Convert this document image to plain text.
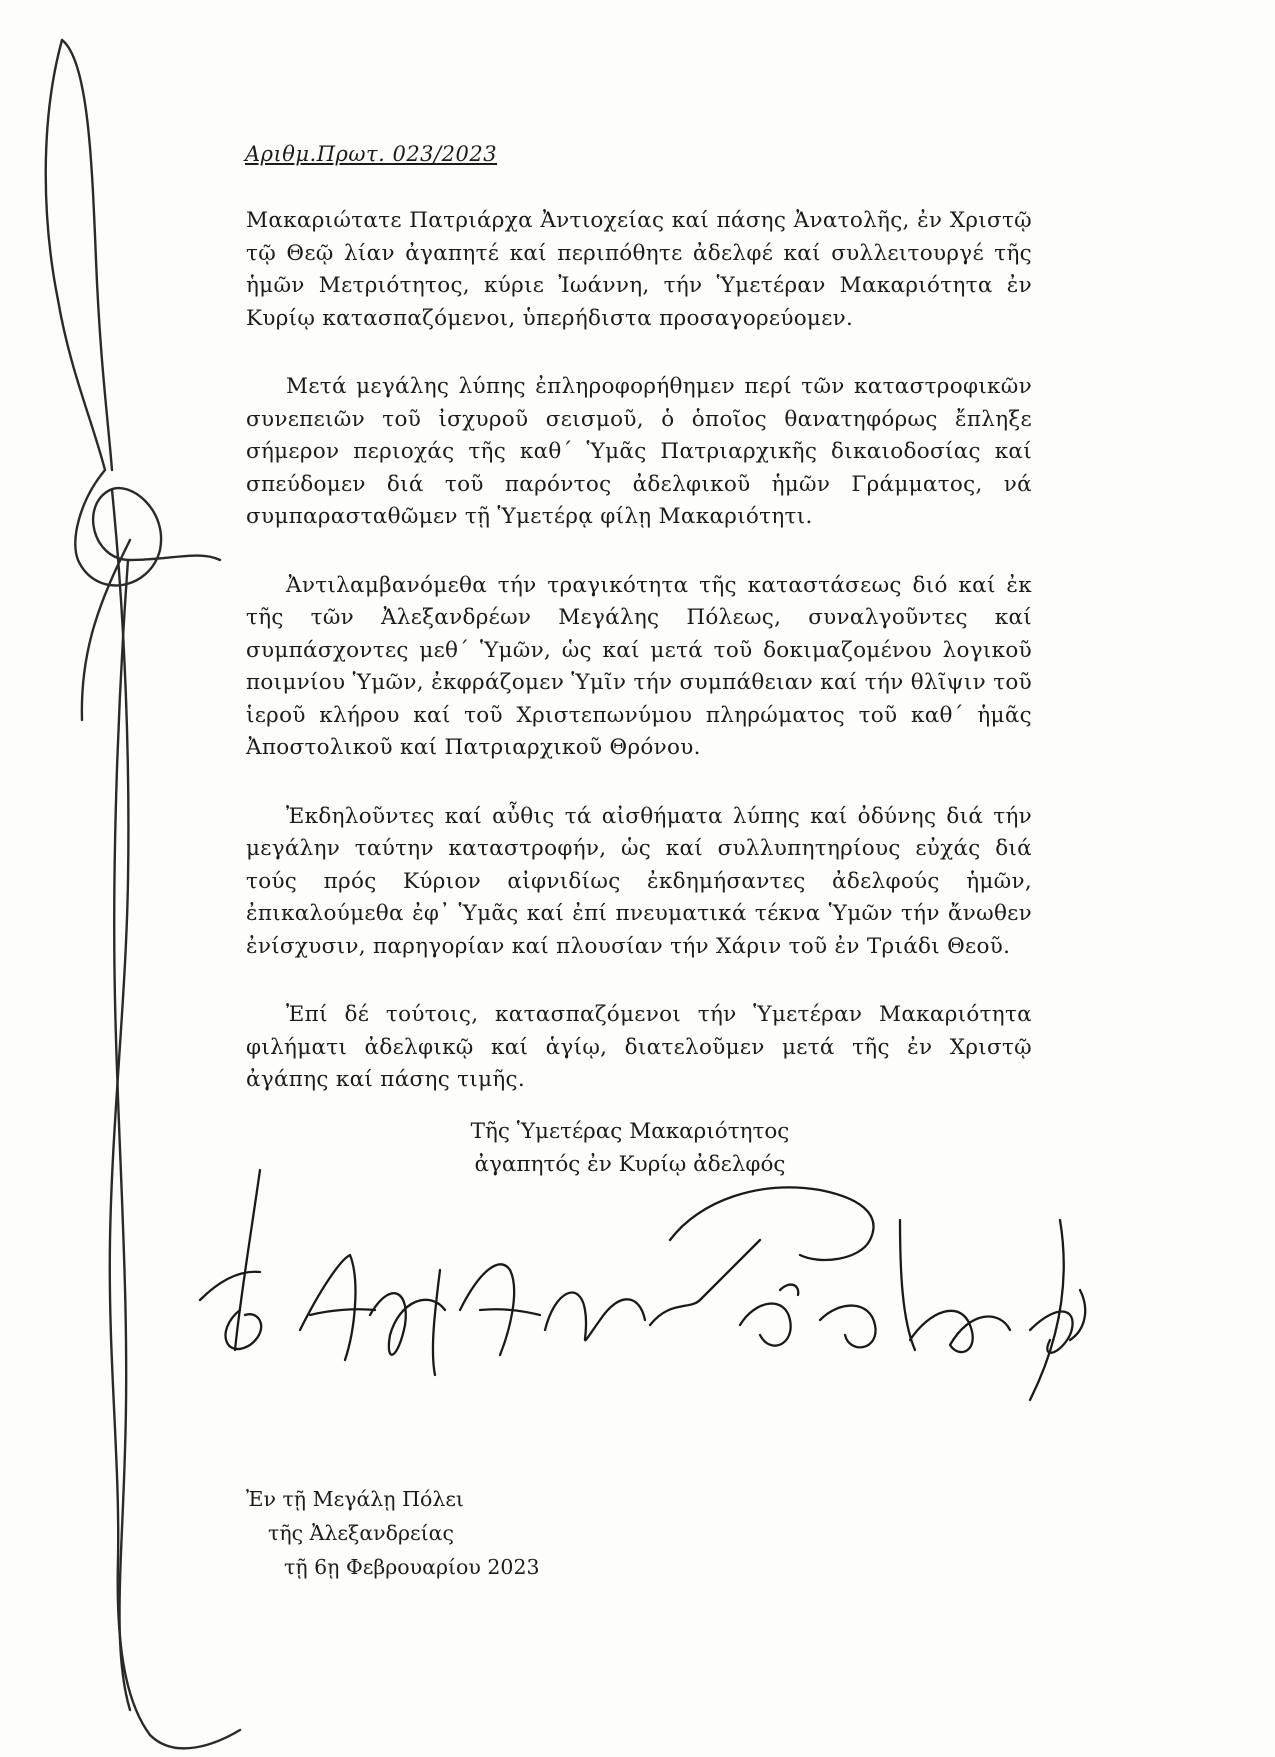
Αριθμ.Πρωτ. 023/2023

Μακαριώτατε Πατριάρχα Ἀντιοχείας καί πάσης Ἀνατολῆς, ἐν Χριστῷ τῷ Θεῷ λίαν ἀγαπητέ καί περιπόθητε ἀδελφέ καί συλλειτουργέ τῆς ἡμῶν Μετριότητος, κύριε Ἰωάννη, τήν Ὑμετέραν Μακαριότητα ἐν Κυρίῳ κατασπαζόμενοι, ὑπερήδιστα προσαγορεύομεν.

Μετά μεγάλης λύπης ἐπληροφορήθημεν περί τῶν καταστροφικῶν συνεπειῶν τοῦ ἰσχυροῦ σεισμοῦ, ὁ ὁποῖος θανατηφόρως ἔπληξε σήμερον περιοχάς τῆς καθ΄ Ὑμᾶς Πατριαρχικῆς δικαιοδοσίας καί σπεύδομεν διά τοῦ παρόντος ἀδελφικοῦ ἡμῶν Γράμματος, νά συμπαρασταθῶμεν τῇ Ὑμετέρᾳ φίλῃ Μακαριότητι.

Ἀντιλαμβανόμεθα τήν τραγικότητα τῆς καταστάσεως διό καί ἐκ τῆς τῶν Ἀλεξανδρέων Μεγάλης Πόλεως, συναλγοῦντες καί συμπάσχοντες μεθ΄ Ὑμῶν, ὡς καί μετά τοῦ δοκιμαζομένου λογικοῦ ποιμνίου Ὑμῶν, ἐκφράζομεν Ὑμῖν τήν συμπάθειαν καί τήν θλῖψιν τοῦ ἱεροῦ κλήρου καί τοῦ Χριστεπωνύμου πληρώματος τοῦ καθ΄ ἡμᾶς Ἀποστολικοῦ καί Πατριαρχικοῦ Θρόνου.

Ἐκδηλοῦντες καί αὖθις τά αἰσθήματα λύπης καί ὀδύνης διά τήν μεγάλην ταύτην καταστροφήν, ὡς καί συλλυπητηρίους εὐχάς διά τούς πρός Κύριον αἰφνιδίως ἐκδημήσαντες ἀδελφούς ἡμῶν, ἐπικαλούμεθα ἐφ᾿ Ὑμᾶς καί ἐπί πνευματικά τέκνα Ὑμῶν τήν ἄνωθεν ἐνίσχυσιν, παρηγορίαν καί πλουσίαν τήν Χάριν τοῦ ἐν Τριάδι Θεοῦ.

Ἐπί δέ τούτοις, κατασπαζόμενοι τήν Ὑμετέραν Μακαριότητα φιλήματι ἀδελφικῷ καί ἁγίῳ, διατελοῦμεν μετά τῆς ἐν Χριστῷ ἀγάπης καί πάσης τιμῆς.

Τῆς Ὑμετέρας Μακαριότητος
ἀγαπητός ἐν Κυρίῳ ἀδελφός
Ἐν τῇ Μεγάλῃ Πόλει
τῆς Ἀλεξανδρείας
τῇ 6ῃ Φεβρουαρίου 2023
